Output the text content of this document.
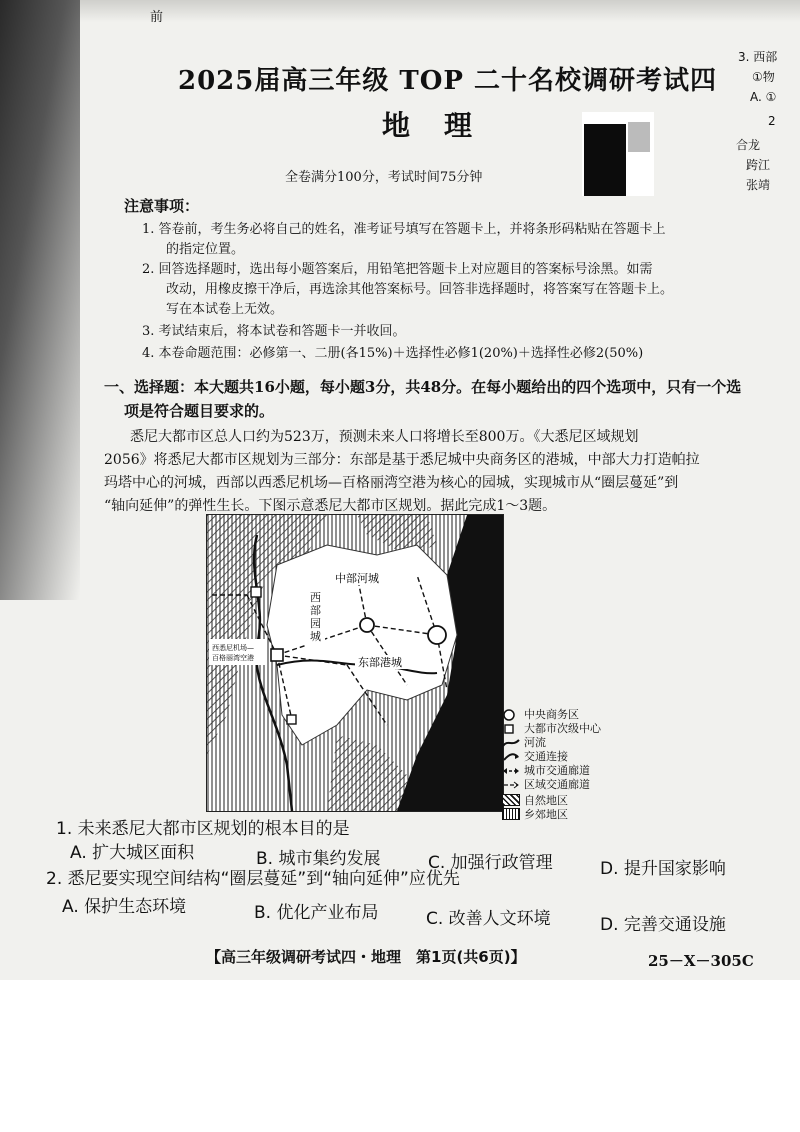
前
2025届高三年级 TOP 二十名校调研考试四
地理
全卷满分100分，考试时间75分钟
注意事项：
1. 答卷前，考生务必将自己的姓名，准考证号填写在答题卡上，并将条形码粘贴在答题卡上
的指定位置。
2. 回答选择题时，选出每小题答案后，用铅笔把答题卡上对应题目的答案标号涂黑。如需
改动，用橡皮擦干净后，再选涂其他答案标号。回答非选择题时，将答案写在答题卡上。
写在本试卷上无效。
3. 考试结束后，将本试卷和答题卡一并收回。
4. 本卷命题范围：必修第一、二册(各15%)＋选择性必修1(20%)＋选择性必修2(50%)
一、选择题：本大题共16小题，每小题3分，共48分。在每小题给出的四个选项中，只有一个选
项是符合题目要求的。
悉尼大都市区总人口约为523万，预测未来人口将增长至800万。《大悉尼区域规划
2056》将悉尼大都市区规划为三部分：东部是基于悉尼城中央商务区的港城，中部大力打造帕拉
玛塔中心的河城，西部以西悉尼机场—百格丽湾空港为核心的园城，实现城市从“圈层蔓延”到
“轴向延伸”的弹性生长。下图示意悉尼大都市区规划。据此完成1～3题。
中部河城
东部港城
西悉尼机场—
百格丽湾空港
西部园城
中央商务区
大都市次级中心
河流
交通连接
城市交通廊道
区域交通廊道
自然地区
乡郊地区
1. 未来悉尼大都市区规划的根本目的是
A. 扩大城区面积	B. 城市集约发展	C. 加强行政管理	D. 提升国家影响
2. 悉尼要实现空间结构“圈层蔓延”到“轴向延伸”应优先
A. 保护生态环境	B. 优化产业布局	C. 改善人文环境	D. 完善交通设施
【高三年级调研考试四・地理　第1页(共6页)】	25－X－305C
3. 西部
①物
A. ①
2
合龙
跨江
张靖
